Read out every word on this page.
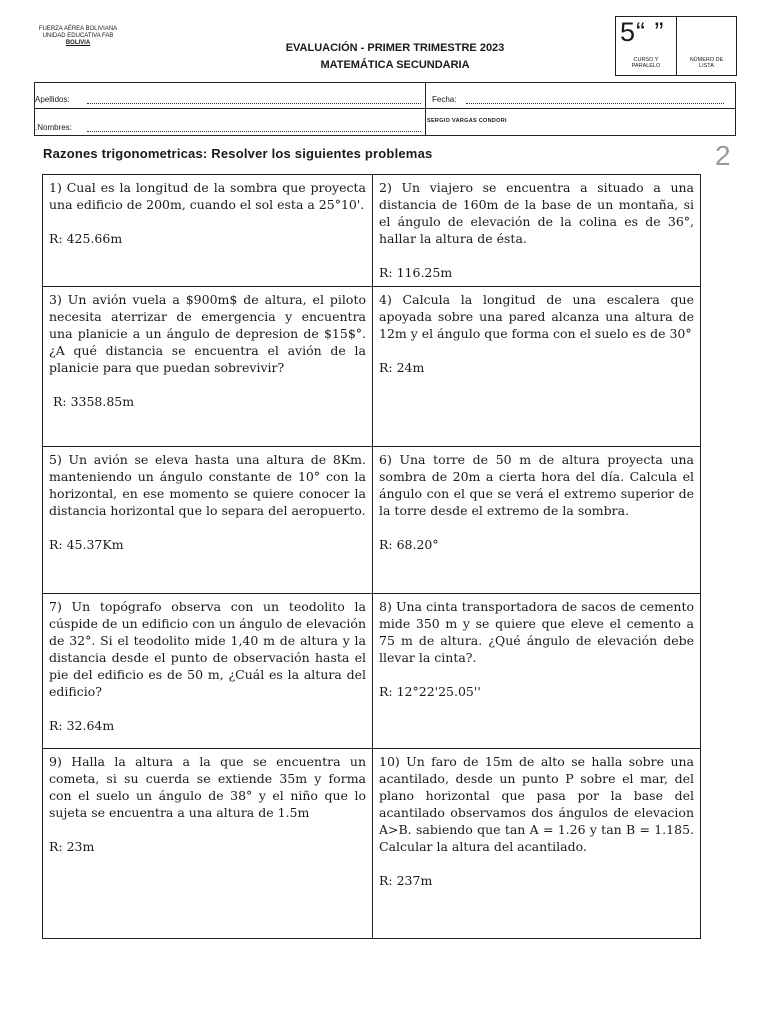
FUERZA AÉREA BOLIVIANA
UNIDAD EDUCATIVA FAB
BOLIVIA	EVALUACIÓN - PRIMER TRIMESTRE 2023
MATEMÁTICA SECUNDARIA
5“ ”
CURSO Y
PARALELO
NÚMERO DE
LISTA
Apellidos:	Fecha:
.Nombres:
SERGIO VARGAS CONDORI
Razones trigonometricas: Resolver los siguientes problemas	2

1) Cual es la longitud de la sombra que proyecta una edificio de 200m, cuando el sol esta a 25°10'.

R: 425.66m

2) Un viajero se encuentra a situado a una distancia de 160m de la base de un montaña, si el ángulo de elevación de la colina es de 36°, hallar la altura de ésta.

R: 116.25m

3) Un avión vuela a $900m$ de altura, el piloto necesita aterrizar de emergencia y encuentra una planicie a un ángulo de depresion de $15$°. ¿A qué distancia se encuentra el avión de la planicie para que puedan sobrevivir?

R: 3358.85m

4) Calcula la longitud de una escalera que apoyada sobre una pared alcanza una altura de 12m y el ángulo que forma con el suelo es de 30°

R: 24m

5) Un avión se eleva hasta una altura de 8Km. manteniendo un ángulo constante de 10° con la horizontal, en ese momento se quiere conocer la distancia horizontal que lo separa del aeropuerto.

R: 45.37Km

6) Una torre de 50 m de altura proyecta una sombra de 20m a cierta hora del día. Calcula el ángulo con el que se verá el extremo superior de la torre desde el extremo de la sombra.

R: 68.20°

7) Un topógrafo observa con un teodolito la cúspide de un edificio con un ángulo de elevación de 32°. Si el teodolito mide 1,40 m de altura y la distancia desde el punto de observación hasta el pie del edificio es de 50 m, ¿Cuál es la altura del edificio?

R: 32.64m

8) Una cinta transportadora de sacos de cemento mide 350 m y se quiere que eleve el cemento a 75 m de altura. ¿Qué ángulo de elevación debe llevar la cinta?.

R: 12°22'25.05''

9) Halla la altura a la que se encuentra un cometa, si su cuerda se extiende 35m y forma con el suelo un ángulo de 38° y el niño que lo sujeta se encuentra a una altura de 1.5m

R: 23m

10) Un faro de 15m de alto se halla sobre una acantilado, desde un punto P sobre el mar, del plano horizontal que pasa por la base del acantilado observamos dos ángulos de elevacion A>B. sabiendo que tan A = 1.26 y tan B = 1.185. Calcular la altura del acantilado.

R: 237m
